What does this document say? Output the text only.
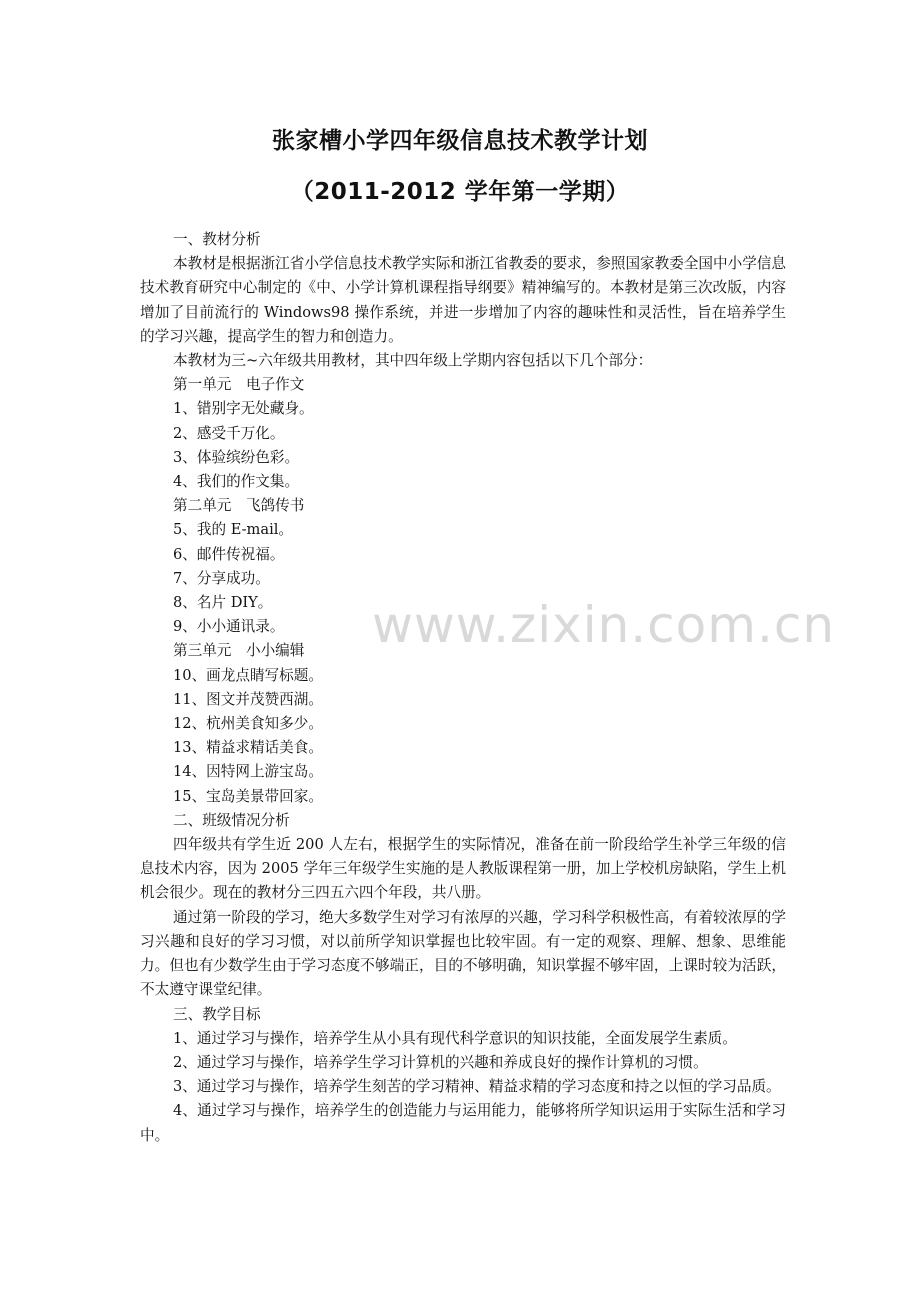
张家槽小学四年级信息技术教学计划
（2011-2012 学年第一学期）
www.zixin.com.cn

一、教材分析

本教材是根据浙江省小学信息技术教学实际和浙江省教委的要求，参照国家教委全国中小学信息技术教育研究中心制定的《中、小学计算机课程指导纲要》精神编写的。本教材是第三次改版，内容增加了目前流行的 Windows98 操作系统，并进一步增加了内容的趣味性和灵活性，旨在培养学生的学习兴趣，提高学生的智力和创造力。

本教材为三~六年级共用教材，其中四年级上学期内容包括以下几个部分：

第一单元　电子作文

1、错别字无处藏身。

2、感受千万化。

3、体验缤纷色彩。

4、我们的作文集。

第二单元　飞鸽传书

5、我的 E-mail。

6、邮件传祝福。

7、分享成功。

8、名片 DIY。

9、小小通讯录。

第三单元　小小编辑

10、画龙点睛写标题。

11、图文并茂赞西湖。

12、杭州美食知多少。

13、精益求精话美食。

14、因特网上游宝岛。

15、宝岛美景带回家。

二、班级情况分析

四年级共有学生近 200 人左右，根据学生的实际情况，准备在前一阶段给学生补学三年级的信息技术内容，因为 2005 学年三年级学生实施的是人教版课程第一册，加上学校机房缺陷，学生上机机会很少。现在的教材分三四五六四个年段，共八册。

通过第一阶段的学习，绝大多数学生对学习有浓厚的兴趣，学习科学积极性高，有着较浓厚的学习兴趣和良好的学习习惯，对以前所学知识掌握也比较牢固。有一定的观察、理解、想象、思维能力。但也有少数学生由于学习态度不够端正，目的不够明确，知识掌握不够牢固，上课时较为活跃，不太遵守课堂纪律。

三、教学目标

1、通过学习与操作，培养学生从小具有现代科学意识的知识技能，全面发展学生素质。

2、通过学习与操作，培养学生学习计算机的兴趣和养成良好的操作计算机的习惯。

3、通过学习与操作，培养学生刻苦的学习精神、精益求精的学习态度和持之以恒的学习品质。

4、通过学习与操作，培养学生的创造能力与运用能力，能够将所学知识运用于实际生活和学习中。
